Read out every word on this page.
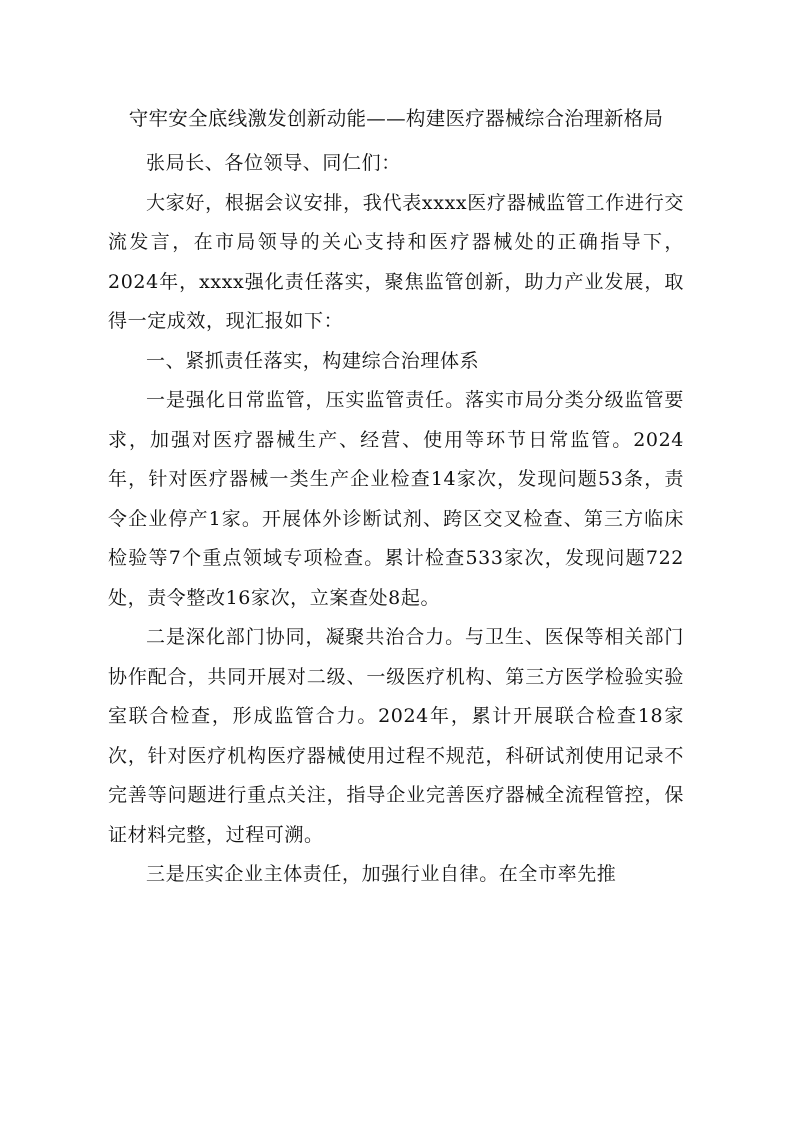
守牢安全底线激发创新动能——构建医疗器械综合治理新格局

张局长、各位领导、同仁们：

大家好，根据会议安排，我代表xxxx医疗器械监管工作进行交流发言，在市局领导的关心支持和医疗器械处的正确指导下，2024年，xxxx强化责任落实，聚焦监管创新，助力产业发展，取得一定成效，现汇报如下：

一、紧抓责任落实，构建综合治理体系

一是强化日常监管，压实监管责任。落实市局分类分级监管要求，加强对医疗器械生产、经营、使用等环节日常监管。2024年，针对医疗器械一类生产企业检查14家次，发现问题53条，责令企业停产1家。开展体外诊断试剂、跨区交叉检查、第三方临床检验等7个重点领域专项检查。累计检查533家次，发现问题722处，责令整改16家次，立案查处8起。

二是深化部门协同，凝聚共治合力。与卫生、医保等相关部门协作配合，共同开展对二级、一级医疗机构、第三方医学检验实验室联合检查，形成监管合力。2024年，累计开展联合检查18家次，针对医疗机构医疗器械使用过程不规范，科研试剂使用记录不完善等问题进行重点关注，指导企业完善医疗器械全流程管控，保证材料完整，过程可溯。

三是压实企业主体责任，加强行业自律。在全市率先推
